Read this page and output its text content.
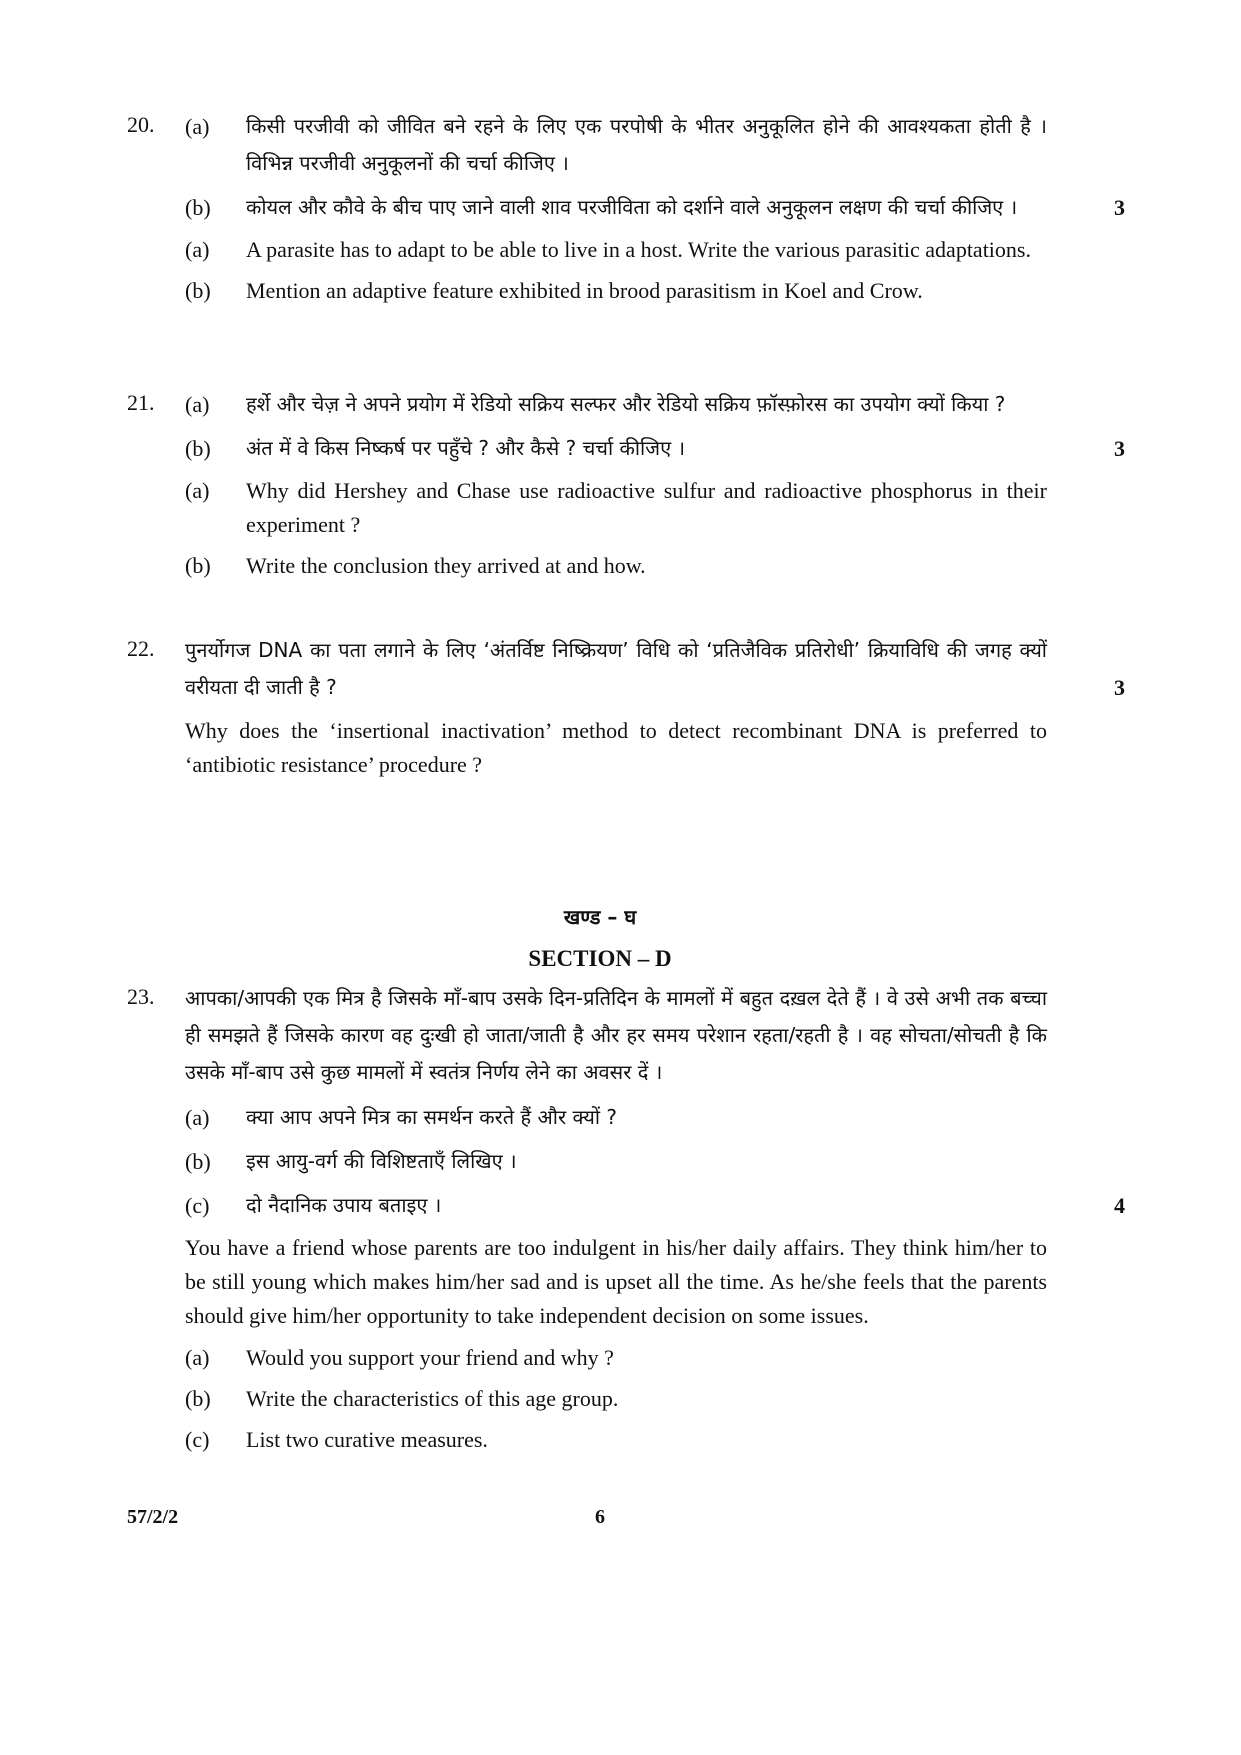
20.	(a) किसी परजीवी को जीवित बने रहने के लिए एक परपोषी के भीतर अनुकूलित होने की आवश्यकता होती है । विभिन्न परजीवी अनुकूलनों की चर्चा कीजिए ।
(b) कोयल और कौवे के बीच पाए जाने वाली शाव परजीविता को दर्शाने वाले अनुकूलन लक्षण की चर्चा कीजिए ।	3
(a) A parasite has to adapt to be able to live in a host. Write the various parasitic adaptations.
(b) Mention an adaptive feature exhibited in brood parasitism in Koel and Crow.
21.	(a) हर्शे और चेज़ ने अपने प्रयोग में रेडियो सक्रिय सल्फर और रेडियो सक्रिय फ़ॉस्फ़ोरस का उपयोग क्यों किया ?
(b) अंत में वे किस निष्कर्ष पर पहुँचे ? और कैसे ? चर्चा कीजिए ।	3
(a) Why did Hershey and Chase use radioactive sulfur and radioactive phosphorus in their experiment ?
(b) Write the conclusion they arrived at and how.
22.	पुनर्योगज DNA का पता लगाने के लिए ‘अंतर्विष्ट निष्क्रियण’ विधि को ‘प्रतिजैविक प्रतिरोधी’ क्रियाविधि की जगह क्यों वरीयता दी जाती है ?	3
Why does the ‘insertional inactivation’ method to detect recombinant DNA is preferred to ‘antibiotic resistance’ procedure ?
खण्ड – घ
SECTION – D
23.	आपका/आपकी एक मित्र है जिसके माँ-बाप उसके दिन-प्रतिदिन के मामलों में बहुत दख़ल देते हैं । वे उसे अभी तक बच्चा ही समझते हैं जिसके कारण वह दुःखी हो जाता/जाती है और हर समय परेशान रहता/रहती है । वह सोचता/सोचती है कि उसके माँ-बाप उसे कुछ मामलों में स्वतंत्र निर्णय लेने का अवसर दें ।
(a) क्या आप अपने मित्र का समर्थन करते हैं और क्यों ?
(b) इस आयु-वर्ग की विशिष्टताएँ लिखिए ।
(c) दो नैदानिक उपाय बताइए ।	4
You have a friend whose parents are too indulgent in his/her daily affairs. They think him/her to be still young which makes him/her sad and is upset all the time. As he/she feels that the parents should give him/her opportunity to take independent decision on some issues.
(a) Would you support your friend and why ?
(b) Write the characteristics of this age group.
(c) List two curative measures.
57/2/2	6
